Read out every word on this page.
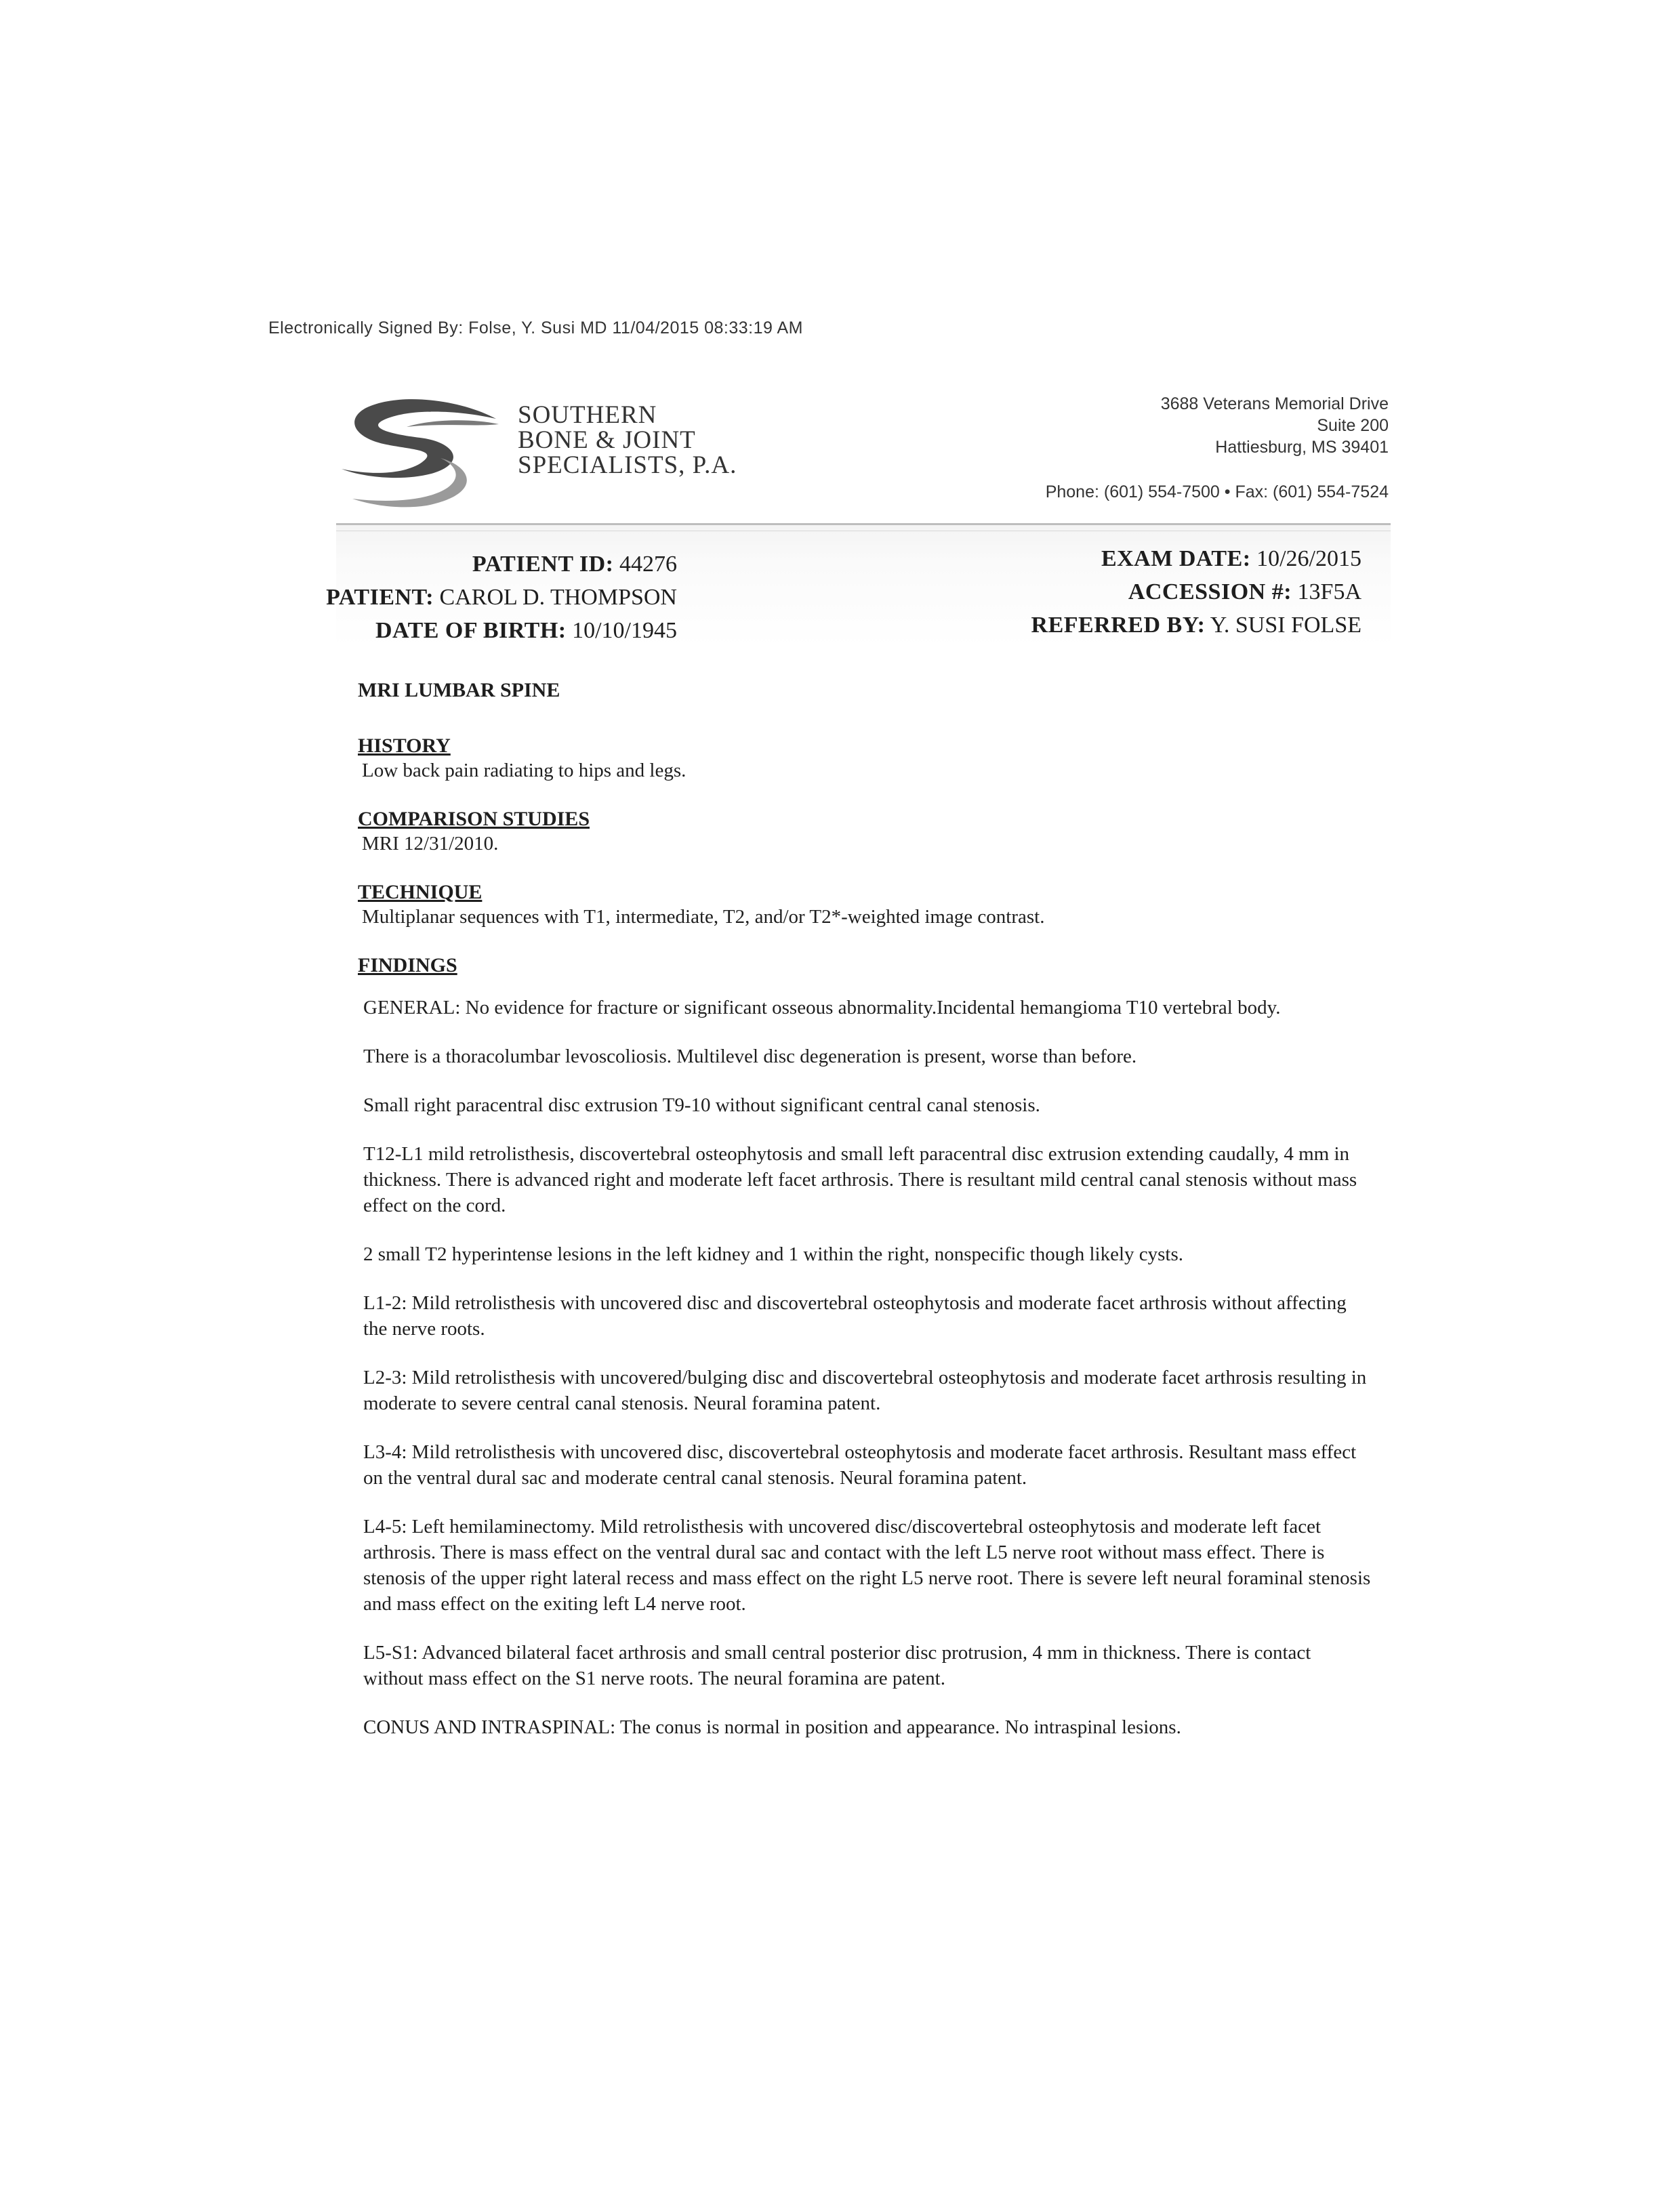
Electronically Signed By: Folse, Y. Susi MD 11/04/2015 08:33:19 AM
SOUTHERN
BONE & JOINT
SPECIALISTS, P.A.
3688 Veterans Memorial Drive
Suite 200
Hattiesburg, MS 39401
Phone: (601) 554-7500 • Fax: (601) 554-7524
PATIENT ID: 44276
PATIENT: CAROL D. THOMPSON
DATE OF BIRTH: 10/10/1945
EXAM DATE: 10/26/2015
ACCESSION #: 13F5A
REFERRED BY: Y. SUSI FOLSE
MRI LUMBAR SPINE
HISTORY
Low back pain radiating to hips and legs.
COMPARISON STUDIES
MRI 12/31/2010.
TECHNIQUE
Multiplanar sequences with T1, intermediate, T2, and/or T2*-weighted image contrast.
FINDINGS
GENERAL: No evidence for fracture or significant osseous abnormality.Incidental hemangioma T10 vertebral body.
There is a thoracolumbar levoscoliosis. Multilevel disc degeneration is present, worse than before.
Small right paracentral disc extrusion T9-10 without significant central canal stenosis.
T12-L1 mild retrolisthesis, discovertebral osteophytosis and small left paracentral disc extrusion extending caudally, 4 mm in thickness. There is advanced right and moderate left facet arthrosis. There is resultant mild central canal stenosis without mass effect on the cord.
2 small T2 hyperintense lesions in the left kidney and 1 within the right, nonspecific though likely cysts.
L1-2: Mild retrolisthesis with uncovered disc and discovertebral osteophytosis and moderate facet arthrosis without affecting the nerve roots.
L2-3: Mild retrolisthesis with uncovered/bulging disc and discovertebral osteophytosis and moderate facet arthrosis resulting in moderate to severe central canal stenosis. Neural foramina patent.
L3-4: Mild retrolisthesis with uncovered disc, discovertebral osteophytosis and moderate facet arthrosis. Resultant mass effect on the ventral dural sac and moderate central canal stenosis. Neural foramina patent.
L4-5: Left hemilaminectomy. Mild retrolisthesis with uncovered disc/discovertebral osteophytosis and moderate left facet arthrosis. There is mass effect on the ventral dural sac and contact with the left L5 nerve root without mass effect. There is stenosis of the upper right lateral recess and mass effect on the right L5 nerve root. There is severe left neural foraminal stenosis and mass effect on the exiting left L4 nerve root.
L5-S1: Advanced bilateral facet arthrosis and small central posterior disc protrusion, 4 mm in thickness. There is contact without mass effect on the S1 nerve roots. The neural foramina are patent.
CONUS AND INTRASPINAL: The conus is normal in position and appearance. No intraspinal lesions.
